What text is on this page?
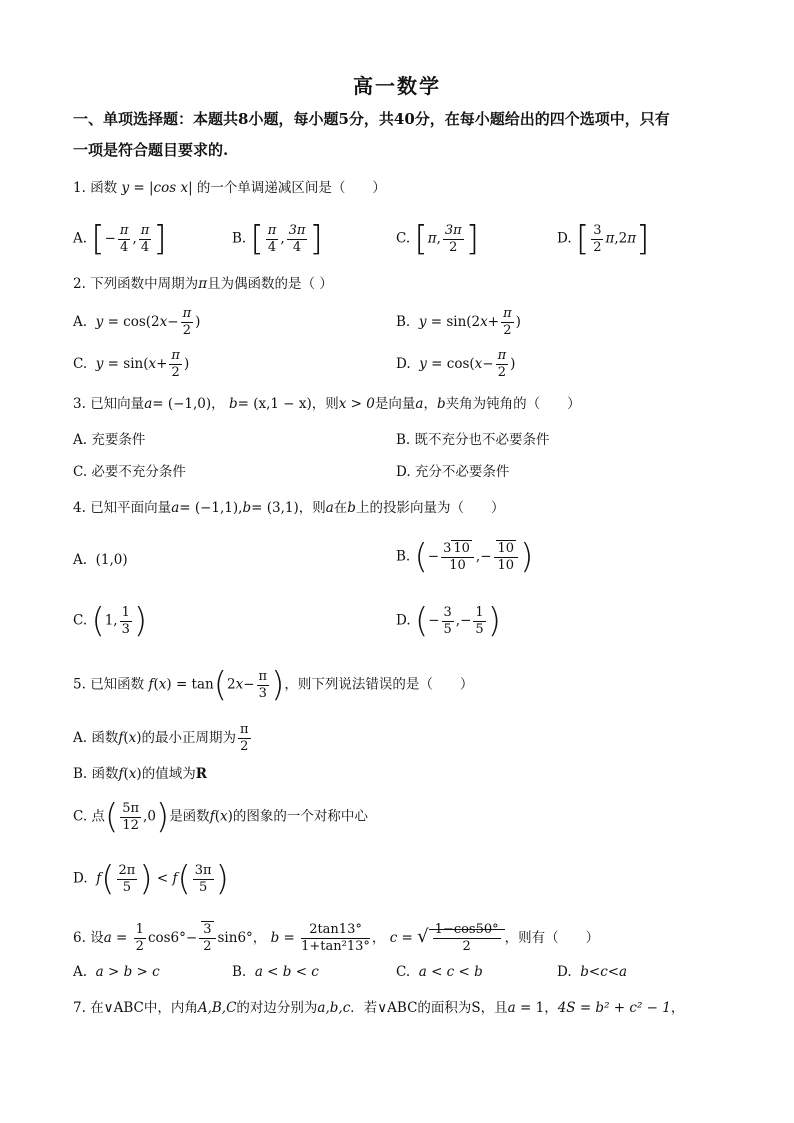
高一数学
一、单项选择题：本题共8小题，每小题5分，共40分，在每小题给出的四个选项中，只有
一项是符合题目要求的.
1. 函数 y = |cos x| 的一个单调递减区间是（　　）
A. [− $\frac{\pi}{4}$ , $\frac{\pi}{4}$ ]	B. [ $\frac{\pi}{4}$ , $\frac{3\pi}{4}$ ]	C. [π, $\frac{3\pi}{2}$ ]	D. [ $\frac{3}{2} \pi,2\pi$]
2. 下列函数中周期为π且为偶函数的是（ ）
A. $y = \cos(2x- \frac{\pi}{2}$ )	B. $y = \sin(2x+ \frac{\pi}{2}$ )
C. $y = \sin(x+ \frac{\pi}{2}$ )	D. $y = \cos(x- \frac{\pi}{2}$ )
3. 已知向量a= (−1,0)， b= (x,1 − x)，则x > 0是向量a，b夹角为钝角的（　　）
A. 充要条件	B. 既不充分也不必要条件
C. 必要不充分条件	D. 充分不必要条件
4. 已知平面向量a= (−1,1),b= (3,1)，则a在b上的投影向量为（　　）
A. (1,0)	B. (− $\frac{3 10}{10}$ ,− $\frac{10}{10}$ )
C. (1, $\frac{1}{3}$ )	D. (− $\frac{3}{5}$ ,− $\frac{1}{5}$ )
5. 已知函数 $f(x) = \tan(2x- \frac{\pi}{3}$ )，则下列说法错误的是（　　）
A. 函数f(x)的最小正周期为 $\frac{\pi}{2}$
B. 函数f(x)的值域为R
C. 点( $\frac{5\pi}{12} ,0$)是函数f(x)的图象的一个对称中心
D. $f( \frac{2\pi}{5}$ ) < $f( \frac{3\pi}{5}$ )
6. 设$a = \frac{1}{2} \cos 6^\circ- \frac{3}{2} \sin 6^\circ$， $b = \frac{2\tan 13^\circ}{\text{1+tan²13°}}$ ， c = √ $\frac{1-\cos 50^\circ}{2}$ ，则有（　　）
A. a > b > c	B. a < b < c	C. a < c < b	D. b<c<a
7. 在∨ABC中，内角A,B,C的对边分别为a,b,c．若∨ABC的面积为S，且a = 1，4S = b² + c² − 1，
